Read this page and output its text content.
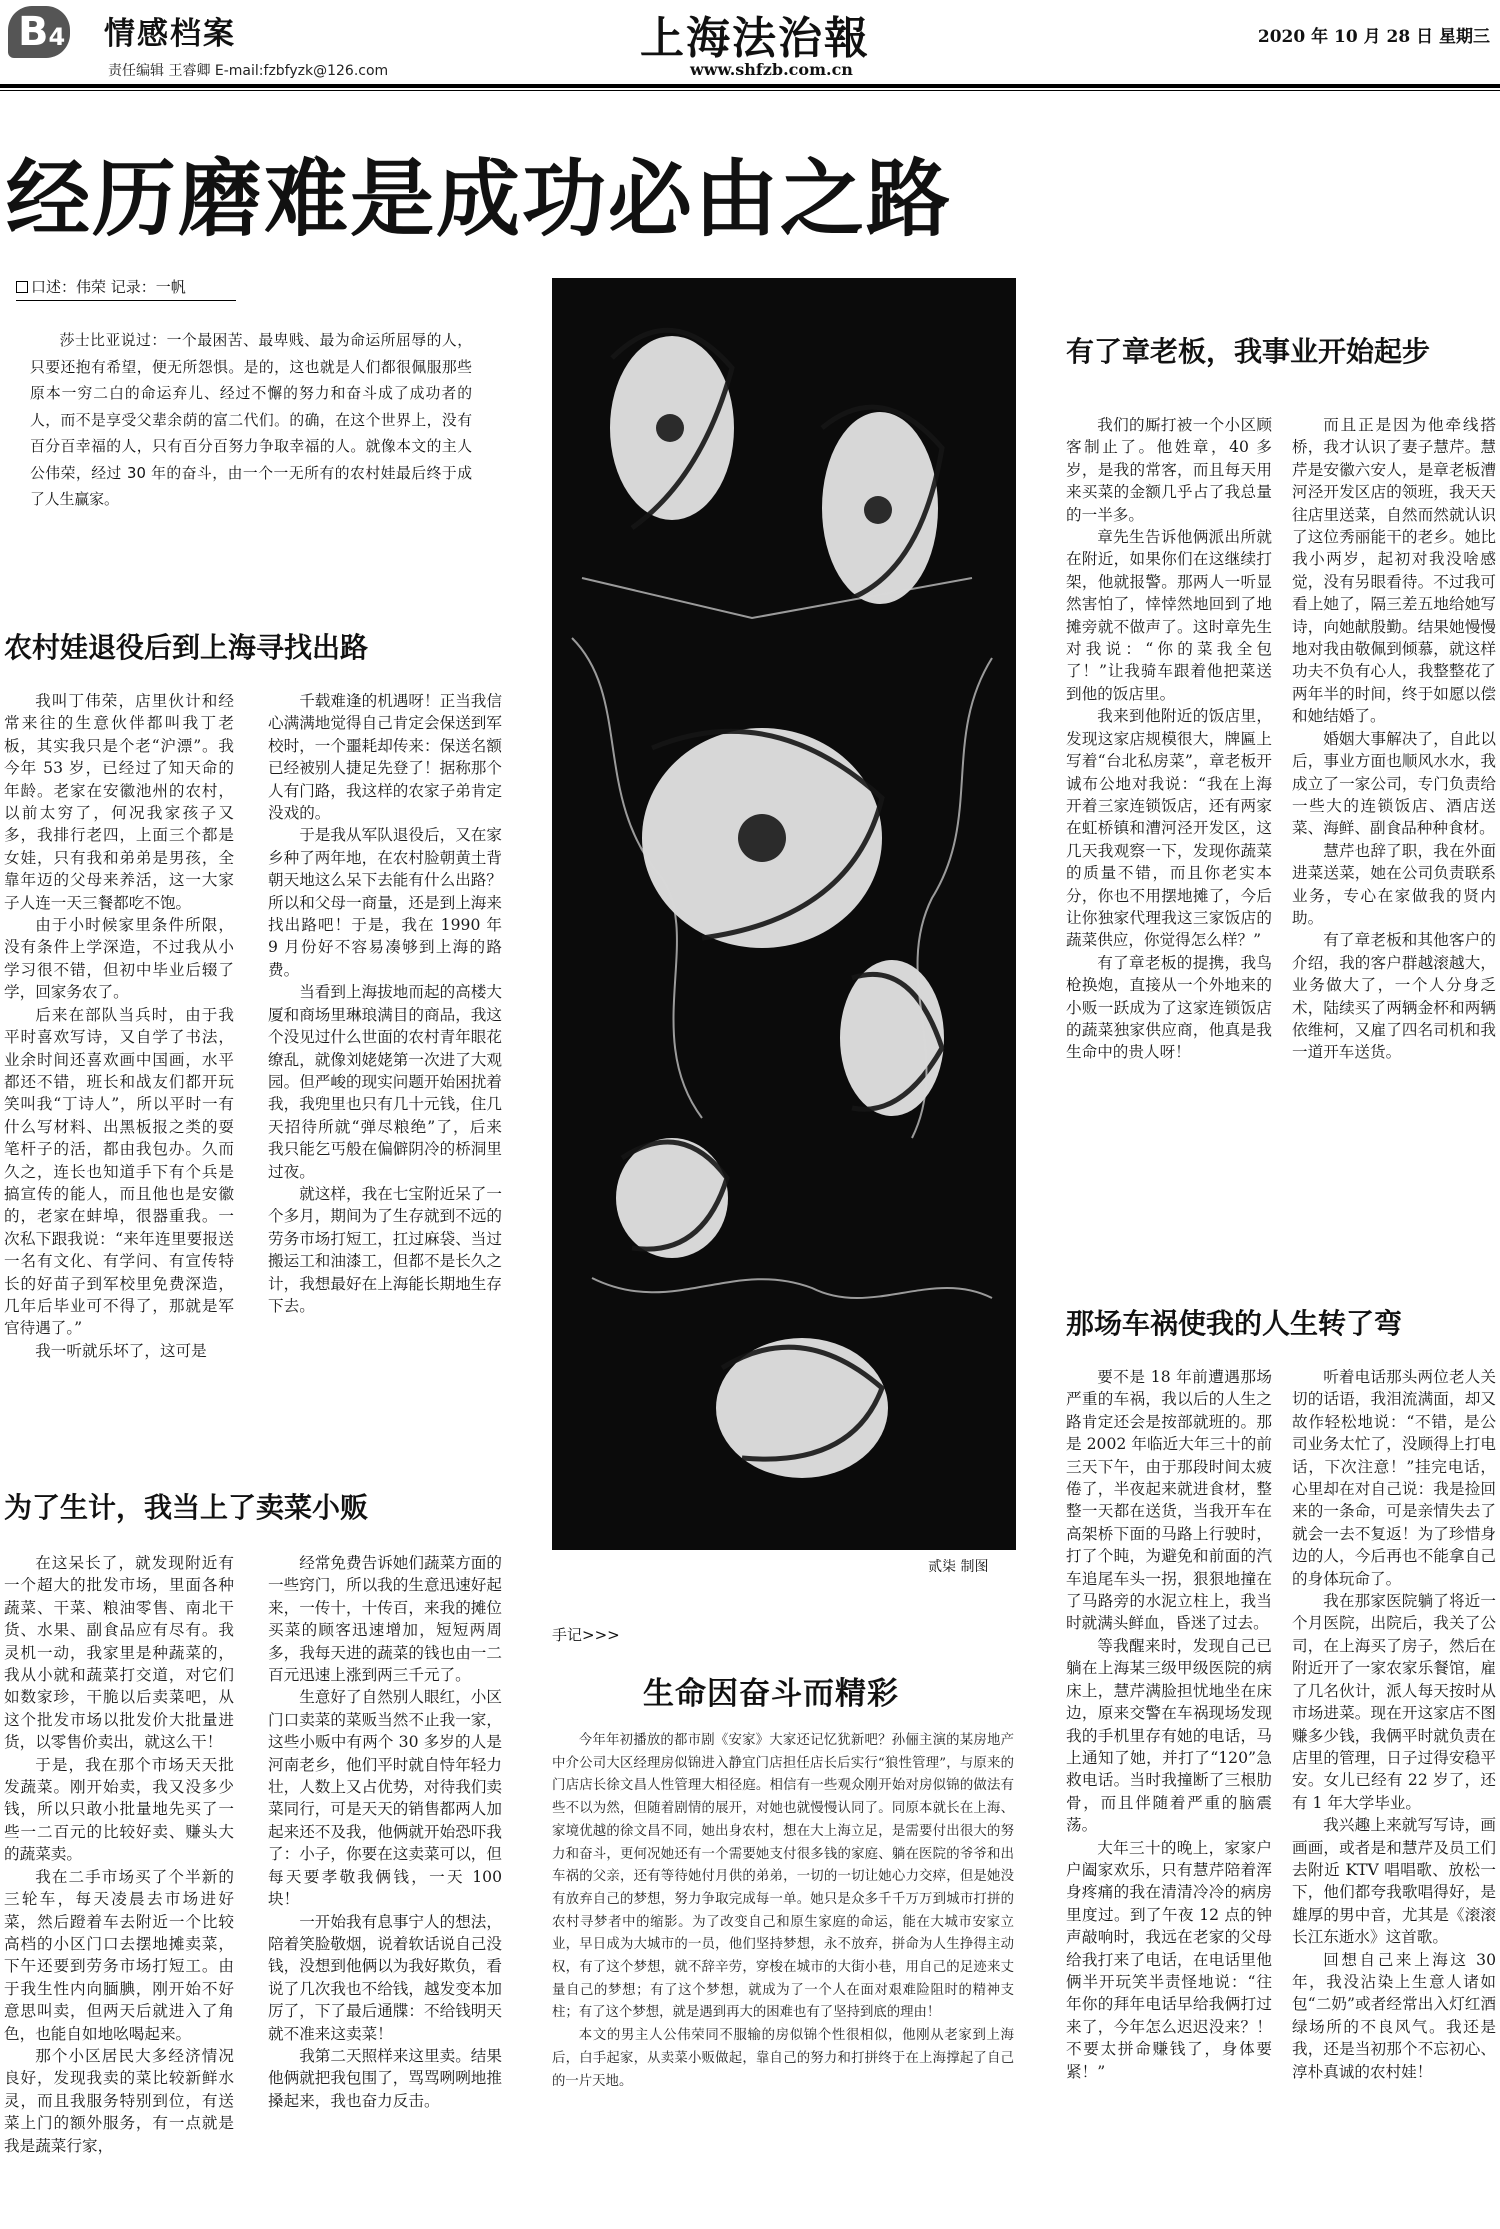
B4 情感档案
责任编辑 王睿卿 E-mail:fzbfyzk@126.com
上海法治報
www.shfzb.com.cn
2020 年 10 月 28 日 星期三
经历磨难是成功必由之路
口述：伟荣 记录：一帆
莎士比亚说过：一个最困苦、最卑贱、最为命运所屈辱的人，只要还抱有希望，便无所怨惧。是的，这也就是人们都很佩服那些原本一穷二白的命运弃儿、经过不懈的努力和奋斗成了成功者的人，而不是享受父辈余荫的富二代们。的确，在这个世界上，没有百分百幸福的人，只有百分百努力争取幸福的人。就像本文的主人公伟荣，经过 30 年的奋斗，由一个一无所有的农村娃最后终于成了人生赢家。
农村娃退役后到上海寻找出路

我叫丁伟荣，店里伙计和经常来往的生意伙伴都叫我丁老板，其实我只是个老“沪漂”。我今年 53 岁，已经过了知天命的年龄。老家在安徽池州的农村，以前太穷了，何况我家孩子又多，我排行老四，上面三个都是女娃，只有我和弟弟是男孩，全靠年迈的父母来养活，这一大家子人连一天三餐都吃不饱。

由于小时候家里条件所限，没有条件上学深造，不过我从小学习很不错，但初中毕业后辍了学，回家务农了。

后来在部队当兵时，由于我平时喜欢写诗，又自学了书法，业余时间还喜欢画中国画，水平都还不错，班长和战友们都开玩笑叫我“丁诗人”，所以平时一有什么写材料、出黑板报之类的耍笔杆子的活，都由我包办。久而久之，连长也知道手下有个兵是搞宣传的能人，而且他也是安徽的，老家在蚌埠，很器重我。一次私下跟我说：“来年连里要报送一名有文化、有学问、有宣传特长的好苗子到军校里免费深造，几年后毕业可不得了，那就是军官待遇了。”

我一听就乐坏了，这可是

千载难逢的机遇呀！正当我信心满满地觉得自己肯定会保送到军校时，一个噩耗却传来：保送名额已经被别人捷足先登了！据称那个人有门路，我这样的农家子弟肯定没戏的。

于是我从军队退役后，又在家乡种了两年地，在农村脸朝黄土背朝天地这么呆下去能有什么出路？所以和父母一商量，还是到上海来找出路吧！于是，我在 1990 年 9 月份好不容易凑够到上海的路费。

当看到上海拔地而起的高楼大厦和商场里琳琅满目的商品，我这个没见过什么世面的农村青年眼花缭乱，就像刘姥姥第一次进了大观园。但严峻的现实问题开始困扰着我，我兜里也只有几十元钱，住几天招待所就“弹尽粮绝”了，后来我只能乞丐般在偏僻阴冷的桥洞里过夜。

就这样，我在七宝附近呆了一个多月，期间为了生存就到不远的劳务市场打短工，扛过麻袋、当过搬运工和油漆工，但都不是长久之计，我想最好在上海能长期地生存下去。

为了生计，我当上了卖菜小贩

在这呆长了，就发现附近有一个超大的批发市场，里面各种蔬菜、干菜、粮油零售、南北干货、水果、副食品应有尽有。我灵机一动，我家里是种蔬菜的，我从小就和蔬菜打交道，对它们如数家珍，干脆以后卖菜吧，从这个批发市场以批发价大批量进货，以零售价卖出，就这么干！

于是，我在那个市场天天批发蔬菜。刚开始卖，我又没多少钱，所以只敢小批量地先买了一些一二百元的比较好卖、赚头大的蔬菜卖。

我在二手市场买了个半新的三轮车，每天凌晨去市场进好菜，然后蹬着车去附近一个比较高档的小区门口去摆地摊卖菜，下午还要到劳务市场打短工。由于我生性内向腼腆，刚开始不好意思叫卖，但两天后就进入了角色，也能自如地吆喝起来。

那个小区居民大多经济情况良好，发现我卖的菜比较新鲜水灵，而且我服务特别到位，有送菜上门的额外服务，有一点就是我是蔬菜行家，

经常免费告诉她们蔬菜方面的一些窍门，所以我的生意迅速好起来，一传十，十传百，来我的摊位买菜的顾客迅速增加，短短两周多，我每天进的蔬菜的钱也由一二百元迅速上涨到两三千元了。

生意好了自然别人眼红，小区门口卖菜的菜贩当然不止我一家，这些小贩中有两个 30 多岁的人是河南老乡，他们平时就自恃年轻力壮，人数上又占优势，对待我们卖菜同行，可是天天的销售都两人加起来还不及我，他俩就开始恐吓我了：小子，你要在这卖菜可以，但每天要孝敬我俩钱，一天 100 块！

一开始我有息事宁人的想法，陪着笑脸敬烟，说着软话说自己没钱，没想到他俩以为我好欺负，看说了几次我也不给钱，越发变本加厉了，下了最后通牒：不给钱明天就不准来这卖菜！

我第二天照样来这里卖。结果他俩就把我包围了，骂骂咧咧地推搡起来，我也奋力反击。

贰柒 制图
手记>>>
生命因奋斗而精彩

今年年初播放的都市剧《安家》大家还记忆犹新吧？孙俪主演的某房地产中介公司大区经理房似锦进入静宜门店担任店长后实行“狼性管理”，与原来的门店店长徐文昌人性管理大相径庭。相信有一些观众刚开始对房似锦的做法有些不以为然，但随着剧情的展开，对她也就慢慢认同了。同原本就长在上海、家境优越的徐文昌不同，她出身农村，想在大上海立足，是需要付出很大的努力和奋斗，更何况她还有一个需要她支付很多钱的家庭、躺在医院的爷爷和出车祸的父亲，还有等待她付月供的弟弟，一切的一切让她心力交瘁，但是她没有放弃自己的梦想，努力争取完成每一单。她只是众多千千万万到城市打拼的农村寻梦者中的缩影。为了改变自己和原生家庭的命运，能在大城市安家立业，早日成为大城市的一员，他们坚持梦想，永不放弃，拼命为人生挣得主动权，有了这个梦想，就不辞辛劳，穿梭在城市的大街小巷，用自己的足迹来丈量自己的梦想；有了这个梦想，就成为了一个人在面对艰难险阻时的精神支柱；有了这个梦想，就是遇到再大的困难也有了坚持到底的理由！

本文的男主人公伟荣同不服输的房似锦个性很相似，他刚从老家到上海后，白手起家，从卖菜小贩做起，靠自己的努力和打拼终于在上海撑起了自己的一片天地。

有了章老板，我事业开始起步

我们的厮打被一个小区顾客制止了。他姓章，40 多岁，是我的常客，而且每天用来买菜的金额几乎占了我总量的一半多。

章先生告诉他俩派出所就在附近，如果你们在这继续打架，他就报警。那两人一听显然害怕了，悻悻然地回到了地摊旁就不做声了。这时章先生对我说：“你的菜我全包了！”让我骑车跟着他把菜送到他的饭店里。

我来到他附近的饭店里，发现这家店规模很大，牌匾上写着“台北私房菜”，章老板开诚布公地对我说：“我在上海开着三家连锁饭店，还有两家在虹桥镇和漕河泾开发区，这几天我观察一下，发现你蔬菜的质量不错，而且你老实本分，你也不用摆地摊了，今后让你独家代理我这三家饭店的蔬菜供应，你觉得怎么样？”

有了章老板的提携，我鸟枪换炮，直接从一个外地来的小贩一跃成为了这家连锁饭店的蔬菜独家供应商，他真是我生命中的贵人呀！

而且正是因为他牵线搭桥，我才认识了妻子慧芹。慧芹是安徽六安人，是章老板漕河泾开发区店的领班，我天天往店里送菜，自然而然就认识了这位秀丽能干的老乡。她比我小两岁，起初对我没啥感觉，没有另眼看待。不过我可看上她了，隔三差五地给她写诗，向她献殷勤。结果她慢慢地对我由敬佩到倾慕，就这样功夫不负有心人，我整整花了两年半的时间，终于如愿以偿和她结婚了。

婚姻大事解决了，自此以后，事业方面也顺风水水，我成立了一家公司，专门负责给一些大的连锁饭店、酒店送菜、海鲜、副食品种种食材。

慧芹也辞了职，我在外面进菜送菜，她在公司负责联系业务，专心在家做我的贤内助。

有了章老板和其他客户的介绍，我的客户群越滚越大，业务做大了，一个人分身乏术，陆续买了两辆金杯和两辆依维柯，又雇了四名司机和我一道开车送货。

那场车祸使我的人生转了弯

要不是 18 年前遭遇那场严重的车祸，我以后的人生之路肯定还会是按部就班的。那是 2002 年临近大年三十的前三天下午，由于那段时间太疲倦了，半夜起来就进食材，整整一天都在送货，当我开车在高架桥下面的马路上行驶时，打了个盹，为避免和前面的汽车追尾车头一拐，狠狠地撞在了马路旁的水泥立柱上，我当时就满头鲜血，昏迷了过去。

等我醒来时，发现自己已躺在上海某三级甲级医院的病床上，慧芹满脸担忧地坐在床边，原来交警在车祸现场发现我的手机里存有她的电话，马上通知了她，并打了“120”急救电话。当时我撞断了三根肋骨，而且伴随着严重的脑震荡。

大年三十的晚上，家家户户阖家欢乐，只有慧芹陪着浑身疼痛的我在清清冷冷的病房里度过。到了午夜 12 点的钟声敲响时，我远在老家的父母给我打来了电话，在电话里他俩半开玩笑半责怪地说：“往年你的拜年电话早给我俩打过来了，今年怎么迟迟没来？！不要太拼命赚钱了，身体要紧！”

听着电话那头两位老人关切的话语，我泪流满面，却又故作轻松地说：“不错，是公司业务太忙了，没顾得上打电话，下次注意！”挂完电话，心里却在对自己说：我是捡回来的一条命，可是亲情失去了就会一去不复返！为了珍惜身边的人，今后再也不能拿自己的身体玩命了。

我在那家医院躺了将近一个月医院，出院后，我关了公司，在上海买了房子，然后在附近开了一家农家乐餐馆，雇了几名伙计，派人每天按时从市场进菜。现在开这家店不图赚多少钱，我俩平时就负责在店里的管理，日子过得安稳平安。女儿已经有 22 岁了，还有 1 年大学毕业。

我兴趣上来就写写诗，画画画，或者是和慧芹及员工们去附近 KTV 唱唱歌、放松一下，他们都夸我歌唱得好，是雄厚的男中音，尤其是《滚滚长江东逝水》这首歌。

回想自己来上海这 30 年，我没沾染上生意人诸如包“二奶”或者经常出入灯红酒绿场所的不良风气。我还是我，还是当初那个不忘初心、淳朴真诚的农村娃！
